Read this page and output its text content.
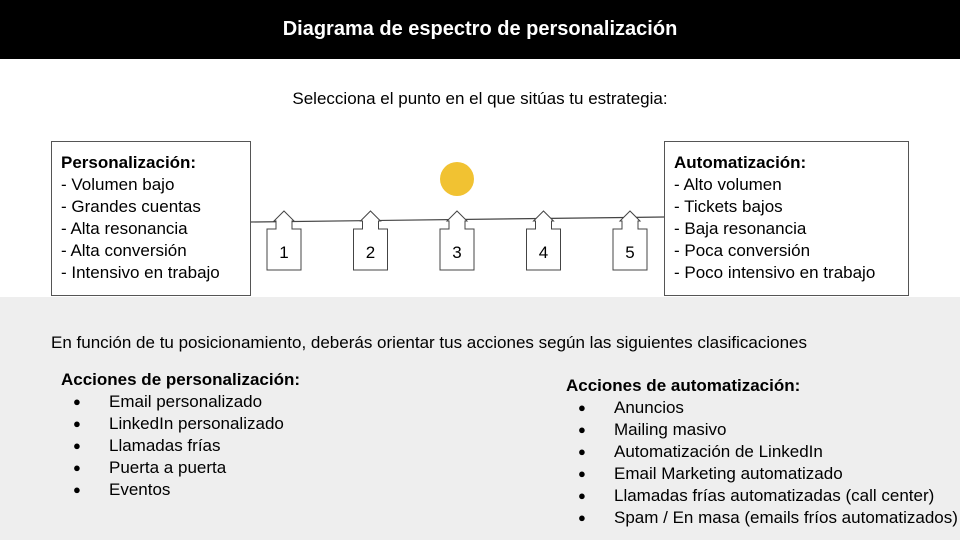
Diagrama de espectro de personalización
Selecciona el punto en el que sitúas tu estrategia:
1	2	3	4	5
Personalización:
- Volumen bajo
- Grandes cuentas
- Alta resonancia
- Alta conversión
- Intensivo en trabajo
Automatización:
- Alto volumen
- Tickets bajos
- Baja resonancia
- Poca conversión
- Poco intensivo en trabajo
En función de tu posicionamiento, deberás orientar tus acciones según las siguientes clasificaciones
Acciones de personalización:
● Email personalizado
● LinkedIn personalizado
● Llamadas frías
● Puerta a puerta
● Eventos
Acciones de automatización:
● Anuncios
● Mailing masivo
● Automatización de LinkedIn
● Email Marketing automatizado
● Llamadas frías automatizadas (call center)
● Spam / En masa (emails fríos automatizados)
